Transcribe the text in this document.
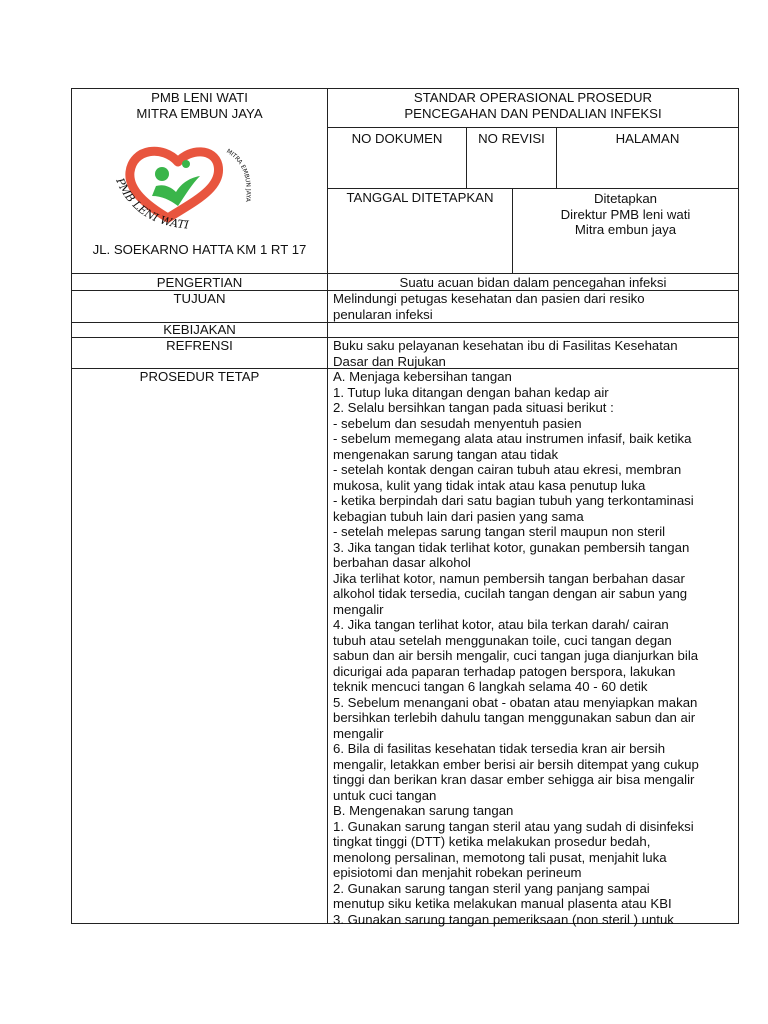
PMB LENI WATI
MITRA EMBUN JAYA
PMB LENI WATI
MITRA EMBUN JAYA
JL. SOEKARNO HATTA KM 1 RT 17
STANDAR OPERASIONAL PROSEDUR
PENCEGAHAN DAN PENDALIAN INFEKSI
NO DOKUMEN	NO REVISI	HALAMAN
TANGGAL DITETAPKAN	Ditetapkan
Direktur PMB leni wati
Mitra embun jaya
PENGERTIAN	Suatu acuan bidan dalam pencegahan infeksi
TUJUAN	Melindungi petugas kesehatan dan pasien dari resiko
penularan infeksi
KEBIJAKAN
REFRENSI	Buku saku pelayanan kesehatan ibu di Fasilitas Kesehatan
Dasar dan Rujukan
PROSEDUR TETAP	A. Menjaga kebersihan tangan
1. Tutup luka ditangan dengan bahan kedap air
2. Selalu bersihkan tangan pada situasi berikut :
- sebelum dan sesudah menyentuh pasien
- sebelum memegang alata atau instrumen infasif, baik ketika
mengenakan sarung tangan atau tidak
- setelah kontak dengan cairan tubuh atau ekresi, membran
mukosa, kulit yang tidak intak atau kasa penutup luka
- ketika berpindah dari satu bagian tubuh yang terkontaminasi
kebagian tubuh lain dari pasien yang sama
- setelah melepas sarung tangan steril maupun non steril
3. Jika tangan tidak terlihat kotor, gunakan pembersih tangan
berbahan dasar alkohol
Jika terlihat kotor, namun pembersih tangan berbahan dasar
alkohol tidak tersedia, cucilah tangan dengan air sabun yang
mengalir
4. Jika tangan terlihat kotor, atau bila terkan darah/ cairan
tubuh atau setelah menggunakan toile, cuci tangan degan
sabun dan air bersih mengalir, cuci tangan juga dianjurkan bila
dicurigai ada paparan terhadap patogen berspora, lakukan
teknik mencuci tangan 6 langkah selama 40 - 60 detik
5. Sebelum menangani obat - obatan atau menyiapkan makan
bersihkan terlebih dahulu tangan menggunakan sabun dan air
mengalir
6. Bila di fasilitas kesehatan tidak tersedia kran air bersih
mengalir, letakkan ember berisi air bersih ditempat yang cukup
tinggi dan berikan kran dasar ember sehigga air bisa mengalir
untuk cuci tangan
B. Mengenakan sarung tangan
1. Gunakan sarung tangan steril atau yang sudah di disinfeksi
tingkat tinggi (DTT) ketika melakukan prosedur bedah,
menolong persalinan, memotong tali pusat, menjahit luka
episiotomi dan menjahit robekan perineum
2. Gunakan sarung tangan steril yang panjang sampai
menutup siku ketika melakukan manual plasenta atau KBI
3. Gunakan sarung tangan pemeriksaan (non steril ) untuk
